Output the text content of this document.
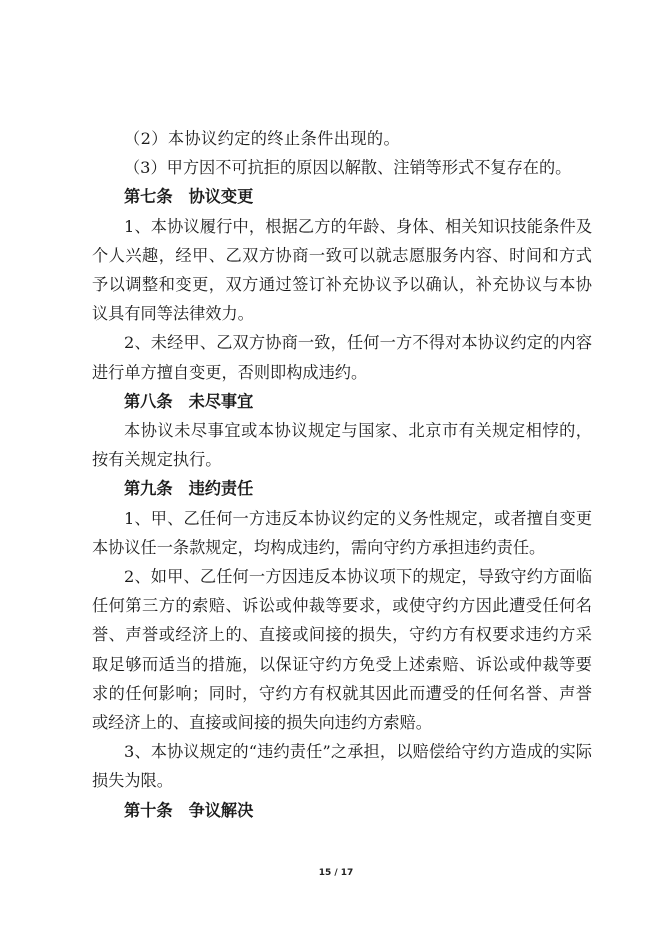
（2）本协议约定的终止条件出现的。

（3）甲方因不可抗拒的原因以解散、注销等形式不复存在的。

第七条 协议变更

1、本协议履行中，根据乙方的年龄、身体、相关知识技能条件及个人兴趣，经甲、乙双方协商一致可以就志愿服务内容、时间和方式予以调整和变更，双方通过签订补充协议予以确认，补充协议与本协议具有同等法律效力。

2、未经甲、乙双方协商一致，任何一方不得对本协议约定的内容进行单方擅自变更，否则即构成违约。

第八条 未尽事宜

本协议未尽事宜或本协议规定与国家、北京市有关规定相悖的，按有关规定执行。

第九条 违约责任

1、甲、乙任何一方违反本协议约定的义务性规定，或者擅自变更本协议任一条款规定，均构成违约，需向守约方承担违约责任。

2、如甲、乙任何一方因违反本协议项下的规定，导致守约方面临任何第三方的索赔、诉讼或仲裁等要求，或使守约方因此遭受任何名誉、声誉或经济上的、直接或间接的损失，守约方有权要求违约方采取足够而适当的措施，以保证守约方免受上述索赔、诉讼或仲裁等要求的任何影响；同时，守约方有权就其因此而遭受的任何名誉、声誉或经济上的、直接或间接的损失向违约方索赔。

3、本协议规定的“违约责任”之承担，以赔偿给守约方造成的实际损失为限。

第十条 争议解决

15 / 17
